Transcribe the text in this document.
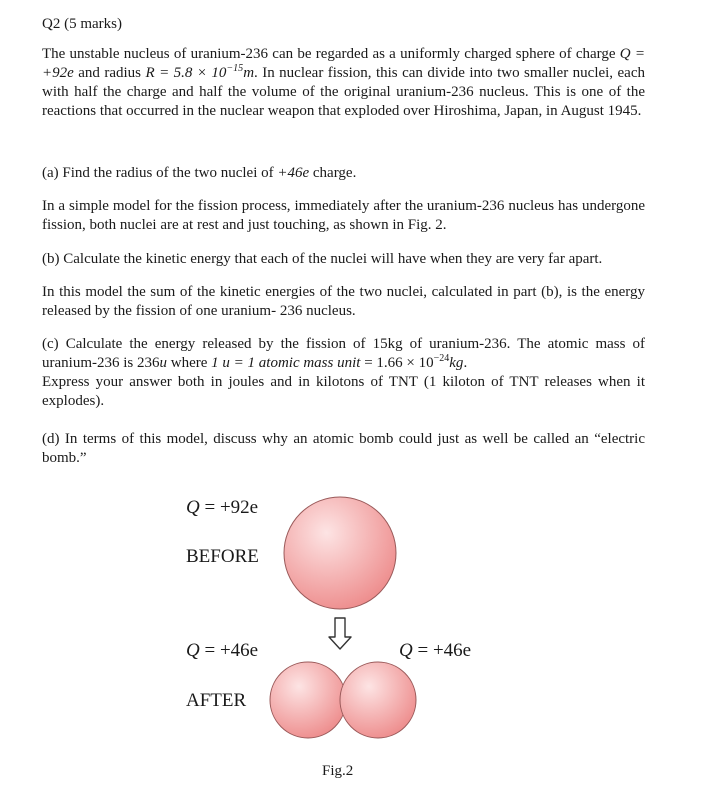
Q2 (5 marks)

The unstable nucleus of uranium-236 can be regarded as a uniformly charged sphere of charge Q = +92e and radius $R = 5.8 \times 10^{-15}m$. In nuclear fission, this can divide into two smaller nuclei, each with half the charge and half the volume of the original uranium-236 nucleus. This is one of the reactions that occurred in the nuclear weapon that exploded over Hiroshima, Japan, in August 1945.

(a) Find the radius of the two nuclei of +46e charge.

In a simple model for the fission process, immediately after the uranium-236 nucleus has undergone fission, both nuclei are at rest and just touching, as shown in Fig. 2.

(b) Calculate the kinetic energy that each of the nuclei will have when they are very far apart.

In this model the sum of the kinetic energies of the two nuclei, calculated in part (b), is the energy released by the fission of one uranium- 236 nucleus.

(c) Calculate the energy released by the fission of 15kg of uranium-236. The atomic mass of uranium-236 is 236u where 1 u = 1 atomic mass unit = $1.66 \times 10^{-24}kg$.
Express your answer both in joules and in kilotons of TNT (1 kiloton of TNT releases when it explodes).

(d) In terms of this model, discuss why an atomic bomb could just as well be called an “electric bomb.”

Q = +92e
BEFORE
Q = +46e	Q = +46e
AFTER
Fig.2
